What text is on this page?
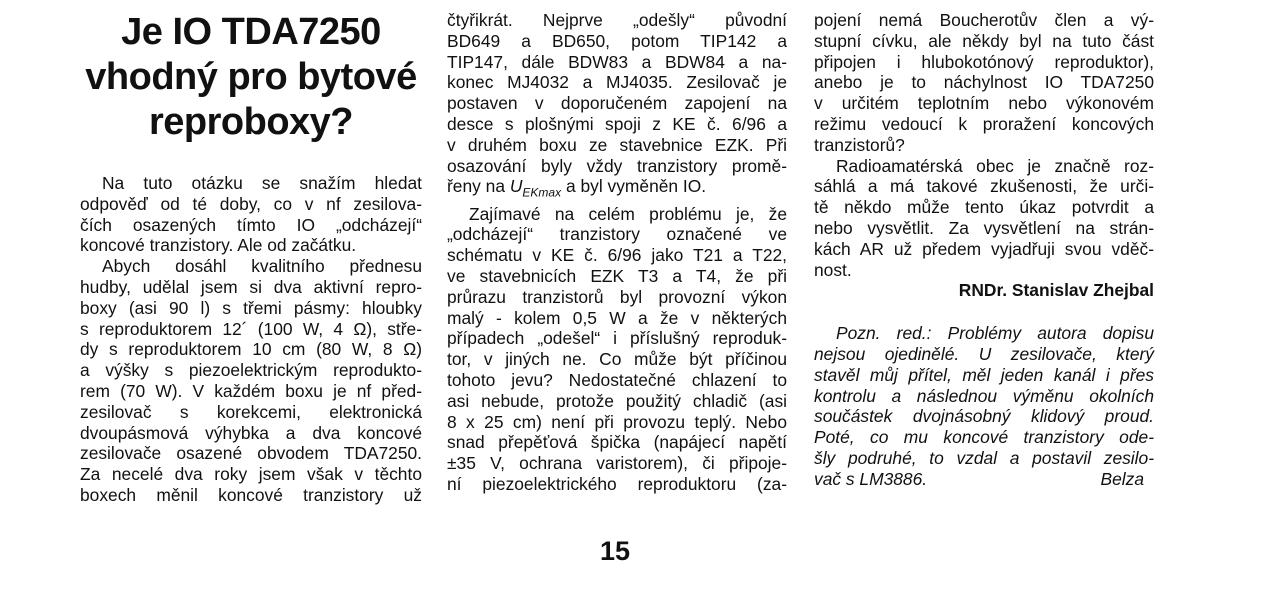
Je IO TDA7250
vhodný pro bytové
reproboxy?

Na tuto otázku se snažím hledat
odpověď od té doby, co v nf zesilova-
čích osazených tímto IO „odcházejí“
koncové tranzistory. Ale od začátku.

Abych dosáhl kvalitního přednesu
hudby, udělal jsem si dva aktivní repro-
boxy (asi 90 l) s třemi pásmy: hloubky
s reproduktorem 12´ (100 W, 4 Ω), stře-
dy s reproduktorem 10 cm (80 W, 8 Ω)
a výšky s piezoelektrickým reprodukto-
rem (70 W). V každém boxu je nf před-
zesilovač s korekcemi, elektronická
dvoupásmová výhybka a dva koncové
zesilovače osazené obvodem TDA7250.
Za necelé dva roky jsem však v těchto
boxech měnil koncové tranzistory už

čtyřikrát. Nejprve „odešly“ původní
BD649 a BD650, potom TIP142 a
TIP147, dále BDW83 a BDW84 a na-
konec MJ4032 a MJ4035. Zesilovač je
postaven v doporučeném zapojení na
desce s plošnými spoji z KE č. 6/96 a
v druhém boxu ze stavebnice EZK. Při
osazování byly vždy tranzistory promě-
řeny na $U_{EKmax}$ a byl vyměněn IO.

Zajímavé na celém problému je, že
„odcházejí“ tranzistory označené ve
schématu v KE č. 6/96 jako T21 a T22,
ve stavebnicích EZK T3 a T4, že při
průrazu tranzistorů byl provozní výkon
malý - kolem 0,5 W a že v některých
případech „odešel“ i příslušný reproduk-
tor, v jiných ne. Co může být příčinou
tohoto jevu? Nedostatečné chlazení to
asi nebude, protože použitý chladič (asi
8 x 25 cm) není při provozu teplý. Nebo
snad přepěťová špička (napájecí napětí
±35 V, ochrana varistorem), či připoje-
ní piezoelektrického reproduktoru (za-

pojení nemá Boucherotův člen a vý-
stupní cívku, ale někdy byl na tuto část
připojen i hlubokotónový reproduktor),
anebo je to náchylnost IO TDA7250
v určitém teplotním nebo výkonovém
režimu vedoucí k proražení koncových
tranzistorů?

Radioamatérská obec je značně roz-
sáhlá a má takové zkušenosti, že urči-
tě někdo může tento úkaz potvrdit a
nebo vysvětlit. Za vysvětlení na strán-
kách AR už předem vyjadřuji svou vděč-
nost.

RNDr. Stanislav Zhejbal

Pozn. red.: Problémy autora dopisu
nejsou ojedinělé. U zesilovače, který
stavěl můj přítel, měl jeden kanál i přes
kontrolu a následnou výměnu okolních
součástek dvojnásobný klidový proud.
Poté, co mu koncové tranzistory ode-
šly podruhé, to vzdal a postavil zesilo-
vač s LM3886.	Belza

15
